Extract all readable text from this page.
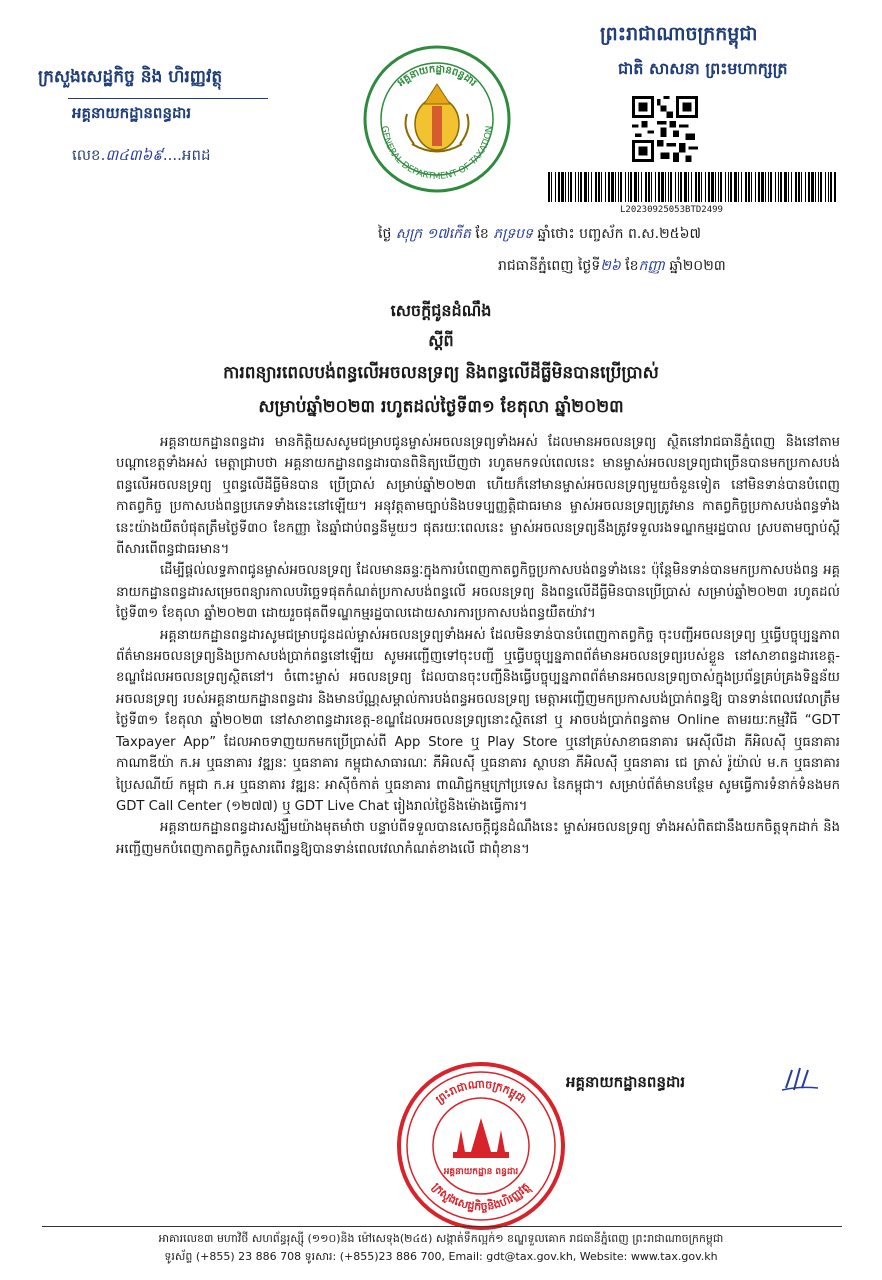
ក្រសួងសេដ្ឋកិច្ច និង ហិរញ្ញវត្ថុ
អគ្គនាយកដ្ឋានពន្ធដារ
លេខ.៣៤៣៦៩....អពដ
GENERAL DEPARTMENT OF TAXATION
អគ្គនាយកដ្ឋានពន្ធដារ
ព្រះរាជាណាចក្រកម្ពុជា
ជាតិ សាសនា ព្រះមហាក្សត្រ
L20230925053BTD2499
ថ្ងៃ សុក្រ ១៧កើត ខែ ភទ្របទ ឆ្នាំថោះ បញ្ចស័ក ព.ស.២៥៦៧
រាជធានីភ្នំពេញ ថ្ងៃទី២៦ ខែកញ្ញា ឆ្នាំ២០២៣
សេចក្ដីជូនដំណឹង
ស្ដីពី
ការពន្យារពេលបង់ពន្ធលើអចលនទ្រព្យ និងពន្ធលើដីធ្លីមិនបានប្រើប្រាស់
សម្រាប់ឆ្នាំ២០២៣ រហូតដល់ថ្ងៃទី៣១ ខែតុលា ឆ្នាំ២០២៣

អគ្គនាយកដ្ឋានពន្ធដារ មានកិត្តិយសសូមជម្រាបជូនម្ចាស់អចលនទ្រព្យទាំងអស់ ដែលមានអចលនទ្រព្យ ស្ថិតនៅរាជធានីភ្នំពេញ និងនៅតាមបណ្ដាខេត្តទាំងអស់ មេត្តាជ្រាបថា អគ្គនាយកដ្ឋានពន្ធដារបានពិនិត្យឃើញថា រហូតមកទល់ពេលនេះ មានម្ចាស់អចលនទ្រព្យជាច្រើនបានមកប្រកាសបង់ពន្ធលើអចលនទ្រព្យ ឬពន្ធលើដីធ្លីមិនបាន ប្រើប្រាស់ សម្រាប់ឆ្នាំ២០២៣ ហើយក៏នៅមានម្ចាស់អចលនទ្រព្យមួយចំនួនទៀត នៅមិនទាន់បានបំពេញកាតព្វកិច្ច ប្រកាសបង់ពន្ធប្រភេទទាំងនេះនៅឡើយ។ អនុវត្តតាមច្បាប់និងបទប្បញ្ញត្តិជាធរមាន ម្ចាស់អចលនទ្រព្យត្រូវមាន កាតព្វកិច្ចប្រកាសបង់ពន្ធទាំងនេះយ៉ាងយឺតបំផុតត្រឹមថ្ងៃទី៣០ ខែកញ្ញា នៃឆ្នាំជាប់ពន្ធនីមួយៗ ផុតរយៈពេលនេះ ម្ចាស់អចលនទ្រព្យនឹងត្រូវទទួលរងទណ្ឌកម្មរដ្ឋបាល ស្របតាមច្បាប់ស្ដីពីសារពើពន្ធជាធរមាន។

ដើម្បីផ្ដល់លទ្ធភាពជូនម្ចាស់អចលនទ្រព្យ ដែលមានឆន្ទៈក្នុងការបំពេញកាតព្វកិច្ចប្រកាសបង់ពន្ធទាំងនេះ ប៉ុន្តែមិនទាន់បានមកប្រកាសបង់ពន្ធ អគ្គនាយកដ្ឋានពន្ធដារសម្រេចពន្យារកាលបរិច្ឆេទផុតកំណត់ប្រកាសបង់ពន្ធលើ អចលនទ្រព្យ និងពន្ធលើដីធ្លីមិនបានប្រើប្រាស់ សម្រាប់ឆ្នាំ២០២៣ រហូតដល់ថ្ងៃទី៣១ ខែតុលា ឆ្នាំ២០២៣ ដោយរួចផុតពីទណ្ឌកម្មរដ្ឋបាលដោយសារការប្រកាសបង់ពន្ធយឺតយ៉ាវ។

អគ្គនាយកដ្ឋានពន្ធដារសូមជម្រាបជូនដល់ម្ចាស់អចលនទ្រព្យទាំងអស់ ដែលមិនទាន់បានបំពេញកាតព្វកិច្ច ចុះបញ្ជីអចលនទ្រព្យ ឬធ្វើបច្ចុប្បន្នភាពព័ត៌មានអចលនទ្រព្យនិងប្រកាសបង់ប្រាក់ពន្ធនៅឡើយ សូមអញ្ជើញទៅចុះបញ្ជី ឬធ្វើបច្ចុប្បន្នភាពព័ត៌មានអចលនទ្រព្យរបស់ខ្លួន នៅសាខាពន្ធដារខេត្ត-ខណ្ឌដែលអចលនទ្រព្យស្ថិតនៅ។ ចំពោះម្ចាស់ អចលនទ្រព្យ ដែលបានចុះបញ្ជីនិងធ្វើបច្ចុប្បន្នភាពព័ត៌មានអចលនទ្រព្យចាស់ក្នុងប្រព័ន្ធគ្រប់គ្រងទិន្នន័យអចលនទ្រព្យ របស់អគ្គនាយកដ្ឋានពន្ធដារ និងមានប័ណ្ណសម្គាល់ការបង់ពន្ធអចលនទ្រព្យ មេត្តាអញ្ជើញមកប្រកាសបង់ប្រាក់ពន្ធឱ្យ បានទាន់ពេលវេលាត្រឹមថ្ងៃទី៣១ ខែតុលា ឆ្នាំ២០២៣ នៅសាខាពន្ធដារខេត្ត-ខណ្ឌដែលអចលនទ្រព្យនោះស្ថិតនៅ ឬ អាចបង់ប្រាក់ពន្ធតាម Online តាមរយៈកម្មវិធី “GDT Taxpayer App” ដែលអាចទាញយកមកប្រើប្រាស់ពី App Store ឬ Play Store ឬនៅគ្រប់សាខាធនាគារ អេស៊ីលីដា ភីអិលស៊ី ឬធនាគារ កាណាឌីយ៉ា ក.អ ឬធនាគារ វឌ្ឍនៈ ឬធនាគារ កម្ពុជាសាធារណៈ ភីអិលស៊ី ឬធនាគារ ស្ថាបនា ភីអិលស៊ី ឬធនាគារ ជេ ត្រាស់ រ៉ូយ៉ាល់ ម.ក ឬធនាគារ ប្រៃសណីយ៍ កម្ពុជា ក.អ ឬធនាគារ វឌ្ឍនៈ អាស៊ីចំកាត់ ឬធនាគារ ពាណិជ្ជកម្មក្រៅប្រទេស នៃកម្ពុជា។ សម្រាប់ព័ត៌មានបន្ថែម សូមធ្វើការទំនាក់ទំនងមក GDT Call Center (១២៧៧) ឬ GDT Live Chat រៀងរាល់ថ្ងៃនិងម៉ោងធ្វើការ។

អគ្គនាយកដ្ឋានពន្ធដារសង្ឃឹមយ៉ាងមុតមាំថា បន្ទាប់ពីទទួលបានសេចក្ដីជូនដំណឹងនេះ ម្ចាស់អចលនទ្រព្យ ទាំងអស់ពិតជានឹងយកចិត្តទុកដាក់ និងអញ្ជើញមកបំពេញកាតព្វកិច្ចសារពើពន្ធឱ្យបានទាន់ពេលវេលាកំណត់ខាងលើ ជាពុំខាន។

ព្រះរាជាណាចក្រកម្ពុជា
ក្រសួងសេដ្ឋកិច្ចនិងហិរញ្ញវត្ថុ
អគ្គនាយកដ្ឋាន ពន្ធដារ
អគ្គនាយកដ្ឋានពន្ធដារ
អាគារលេខ៣ មហាវិថី សហព័ន្ធរុស្ស៊ី (១១០)និង ម៉ៅសេទុង(២៤៥) សង្កាត់ទឹកល្អក់១ ខណ្ឌទួលគោក រាជធានីភ្នំពេញ ព្រះរាជាណាចក្រកម្ពុជា
ទូរស័ព្ទ (+855) 23 886 708 ទូរសារ: (+855)23 886 700, Email: gdt@tax.gov.kh, Website: www.tax.gov.kh
